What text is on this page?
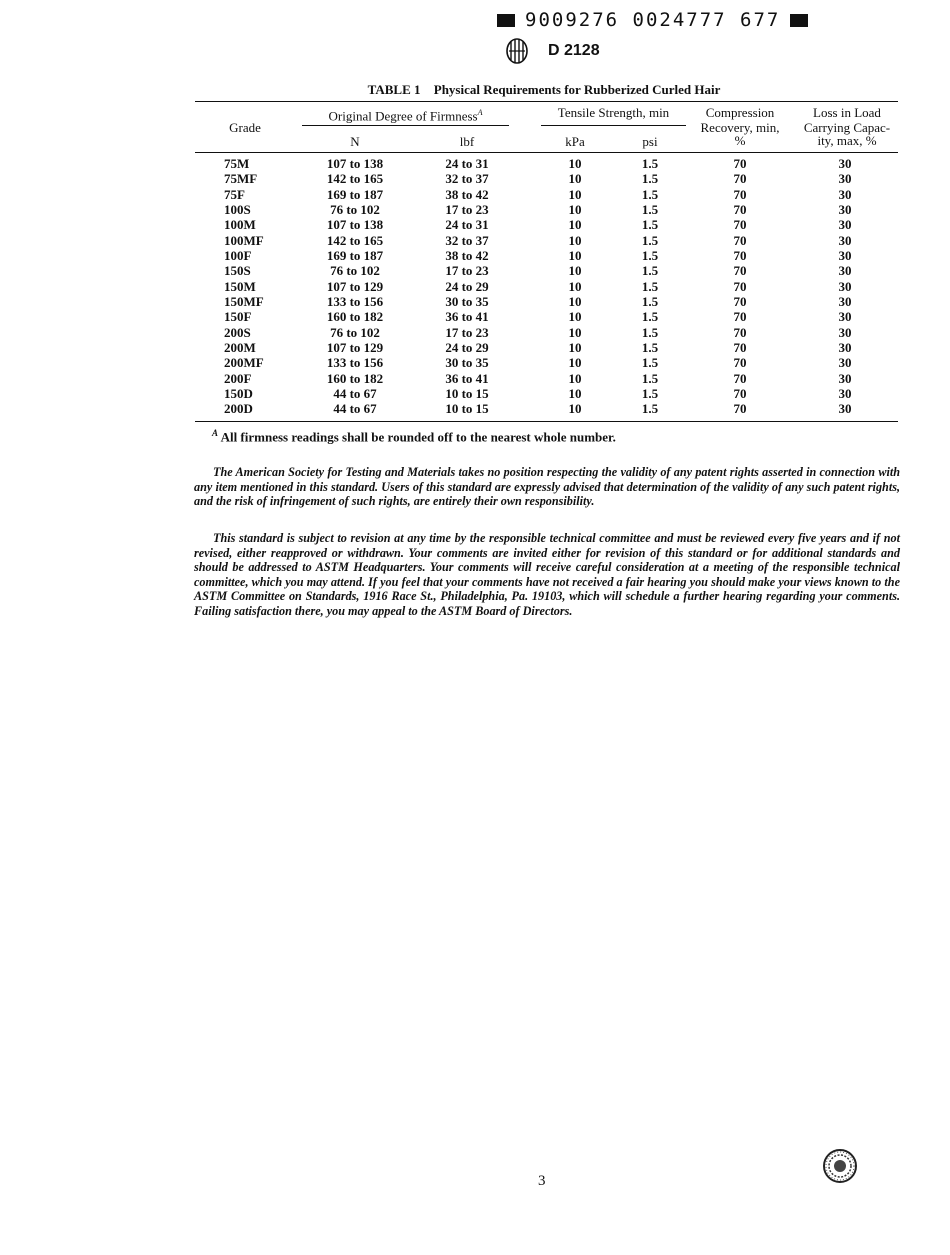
9009276 0024777 677
D 2128
TABLE 1 Physical Requirements for Rubberized Curled Hair
Grade
Original Degree of Firmness$^A$
N	lbf
Tensile Strength, min
kPa	psi
Compression
Recovery, min,
%
Loss in Load
Carrying Capac-
ity, max, %
75M	107 to 138	24 to 31	10	1.5	70	30
75MF	142 to 165	32 to 37	10	1.5	70	30
75F	169 to 187	38 to 42	10	1.5	70	30
100S	76 to 102	17 to 23	10	1.5	70	30
100M	107 to 138	24 to 31	10	1.5	70	30
100MF	142 to 165	32 to 37	10	1.5	70	30
100F	169 to 187	38 to 42	10	1.5	70	30
150S	76 to 102	17 to 23	10	1.5	70	30
150M	107 to 129	24 to 29	10	1.5	70	30
150MF	133 to 156	30 to 35	10	1.5	70	30
150F	160 to 182	36 to 41	10	1.5	70	30
200S	76 to 102	17 to 23	10	1.5	70	30
200M	107 to 129	24 to 29	10	1.5	70	30
200MF	133 to 156	30 to 35	10	1.5	70	30
200F	160 to 182	36 to 41	10	1.5	70	30
150D	44 to 67	10 to 15	10	1.5	70	30
200D	44 to 67	10 to 15	10	1.5	70	30
$^A$ All firmness readings shall be rounded off to the nearest whole number.
The American Society for Testing and Materials takes no position respecting the validity of any patent rights asserted in connection with any item mentioned in this standard. Users of this standard are expressly advised that determination of the validity of any such patent rights, and the risk of infringement of such rights, are entirely their own responsibility.
This standard is subject to revision at any time by the responsible technical committee and must be reviewed every five years and if not revised, either reapproved or withdrawn. Your comments are invited either for revision of this standard or for additional standards and should be addressed to ASTM Headquarters. Your comments will receive careful consideration at a meeting of the responsible technical committee, which you may attend. If you feel that your comments have not received a fair hearing you should make your views known to the ASTM Committee on Standards, 1916 Race St., Philadelphia, Pa. 19103, which will schedule a further hearing regarding your comments. Failing satisfaction there, you may appeal to the ASTM Board of Directors.
3
